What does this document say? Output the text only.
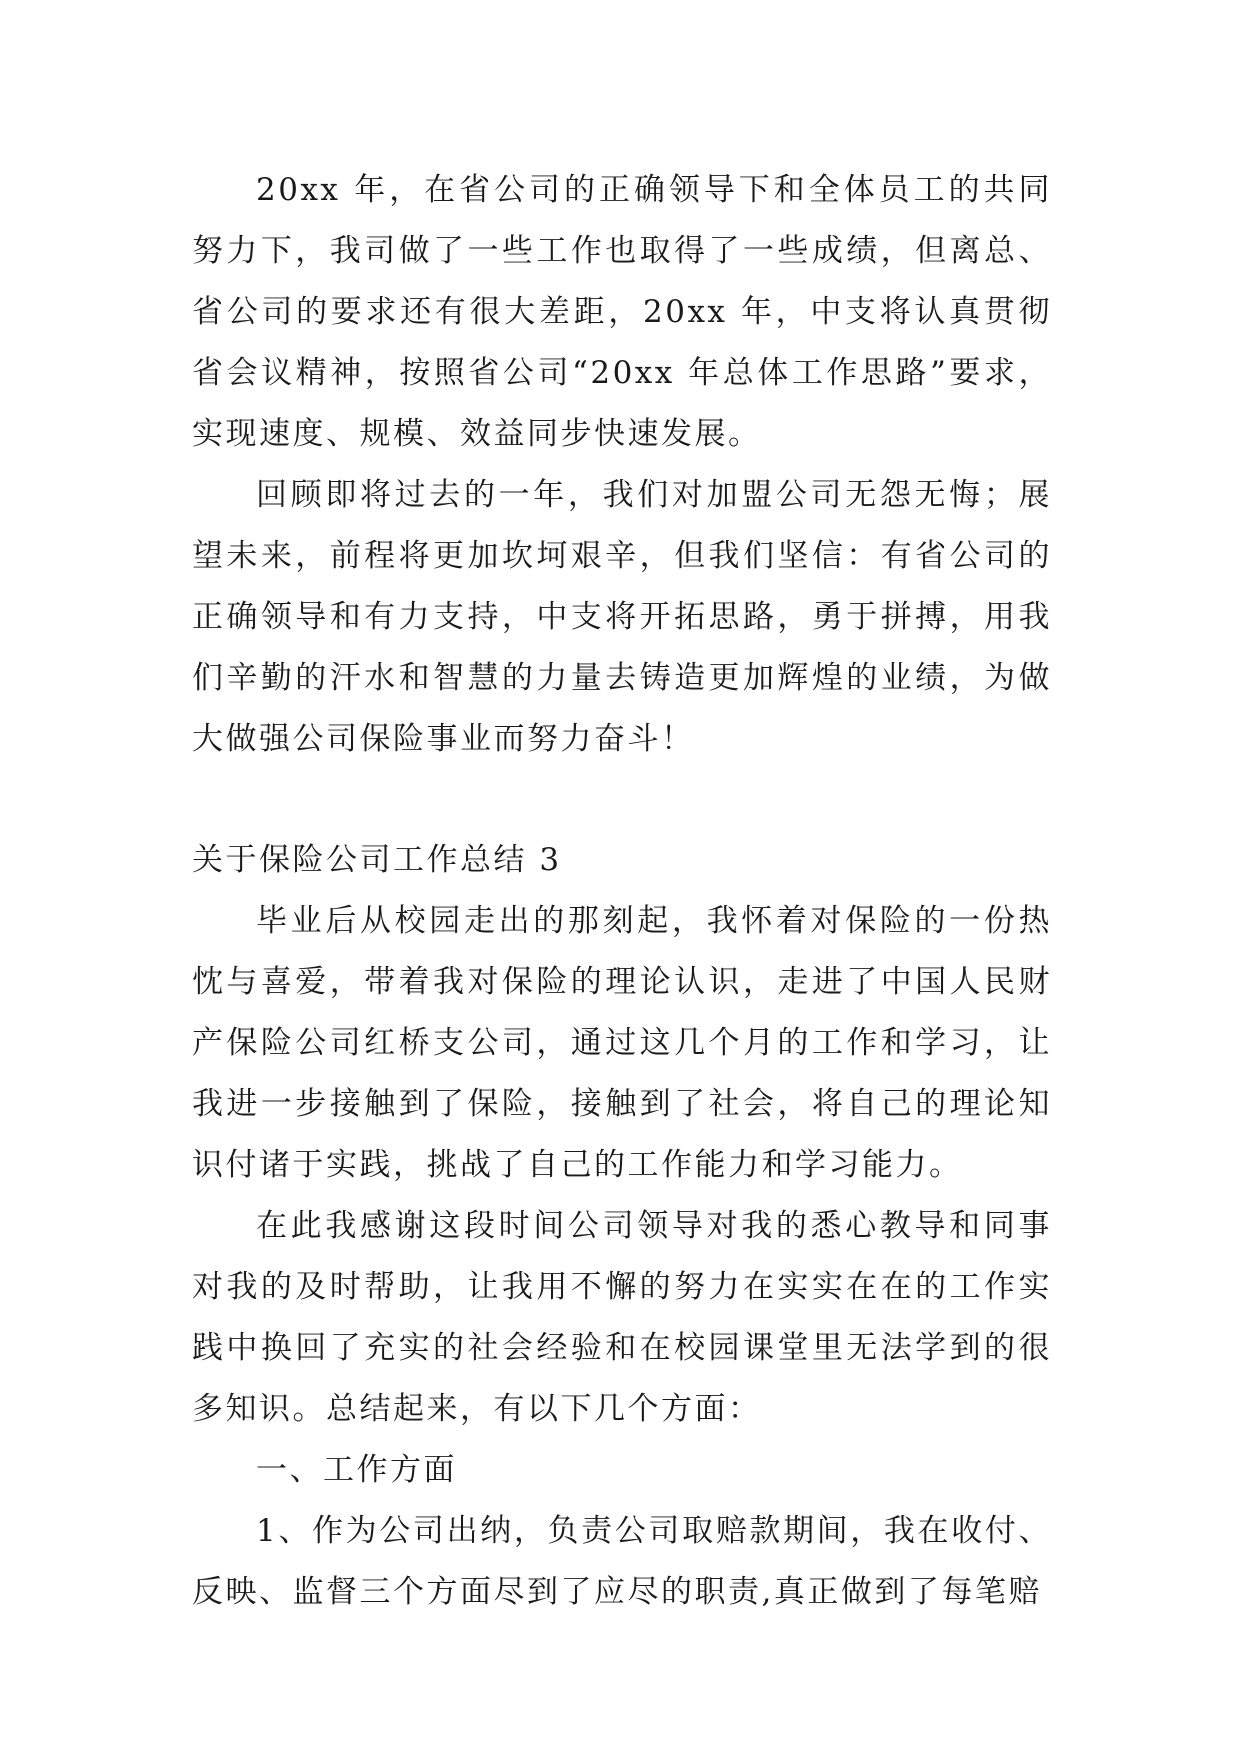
20xx 年，在省公司的正确领导下和全体员工的共同努力下，我司做了一些工作也取得了一些成绩，但离总、省公司的要求还有很大差距，20xx 年，中支将认真贯彻省会议精神，按照省公司“20xx 年总体工作思路”要求，实现速度、规模、效益同步快速发展。

回顾即将过去的一年，我们对加盟公司无怨无悔；展望未来，前程将更加坎坷艰辛，但我们坚信：有省公司的正确领导和有力支持，中支将开拓思路，勇于拼搏，用我们辛勤的汗水和智慧的力量去铸造更加辉煌的业绩，为做大做强公司保险事业而努力奋斗！

关于保险公司工作总结 3

毕业后从校园走出的那刻起，我怀着对保险的一份热忱与喜爱，带着我对保险的理论认识，走进了中国人民财产保险公司红桥支公司，通过这几个月的工作和学习，让我进一步接触到了保险，接触到了社会，将自己的理论知识付诸于实践，挑战了自己的工作能力和学习能力。

在此我感谢这段时间公司领导对我的悉心教导和同事对我的及时帮助，让我用不懈的努力在实实在在的工作实践中换回了充实的社会经验和在校园课堂里无法学到的很多知识。总结起来，有以下几个方面：

一、工作方面

1、作为公司出纳，负责公司取赔款期间，我在收付、反映、监督三个方面尽到了应尽的职责,真正做到了每笔赔
